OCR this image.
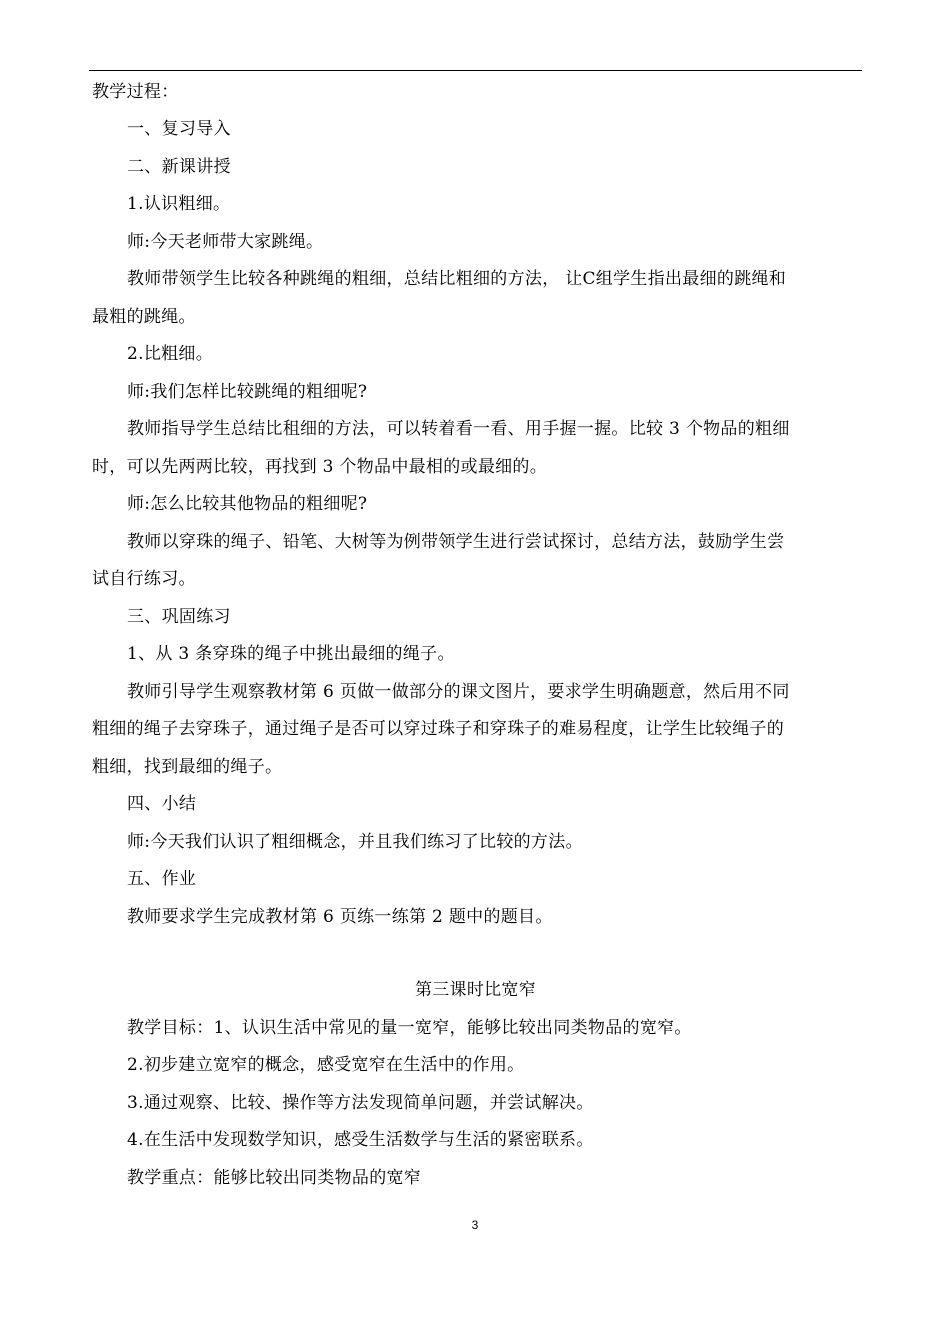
教学过程：
一、复习导入
二、新课讲授
1.认识粗细。
师:今天老师带大家跳绳。
教师带领学生比较各种跳绳的粗细，总结比粗细的方法， 让C组学生指出最细的跳绳和
最粗的跳绳。
2.比粗细。
师:我们怎样比较跳绳的粗细呢?
教师指导学生总结比租细的方法，可以转着看一看、用手握一握。比较 3 个物品的粗细
时，可以先两两比较，再找到 3 个物品中最相的或最细的。
师:怎么比较其他物品的粗细呢?
教师以穿珠的绳子、铅笔、大树等为例带领学生进行尝试探讨，总结方法，鼓励学生尝
试自行练习。
三、巩固练习
1、从 3 条穿珠的绳子中挑出最细的绳子。
教师引导学生观察教材第 6 页做一做部分的课文图片，要求学生明确题意，然后用不同
粗细的绳子去穿珠子，通过绳子是否可以穿过珠子和穿珠子的难易程度，让学生比较绳子的
粗细，找到最细的绳子。
四、小结
师:今天我们认识了粗细概念，并且我们练习了比较的方法。
五、作业
教师要求学生完成教材第 6 页练一练第 2 题中的题目。
第三课时比宽窄
教学目标：1、认识生活中常见的量一宽窄，能够比较出同类物品的宽窄。
2.初步建立宽窄的概念，感受宽窄在生活中的作用。
3.通过观察、比较、操作等方法发现简单问题，并尝试解决。
4.在生活中发现数学知识，感受生活数学与生活的紧密联系。
教学重点：能够比较出同类物品的宽窄
3
